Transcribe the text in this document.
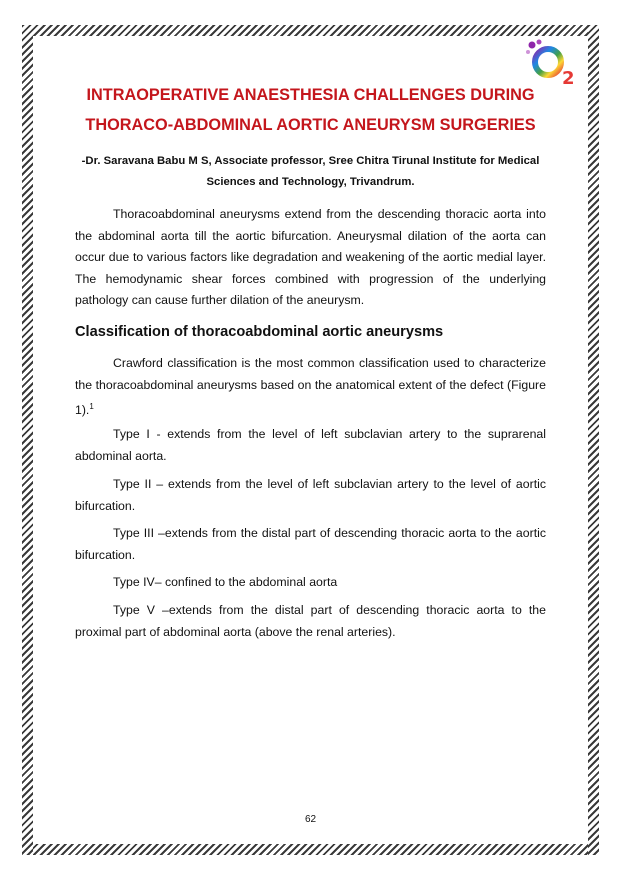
2
INTRAOPERATIVE ANAESTHESIA CHALLENGES DURING
THORACO-ABDOMINAL AORTIC ANEURYSM SURGERIES
-Dr. Saravana Babu M S, Associate professor, Sree Chitra Tirunal Institute for Medical
Sciences and Technology, Trivandrum.

Thoracoabdominal aneurysms extend from the descending thoracic aorta into the abdominal aorta till the aortic bifurcation. Aneurysmal dilation of the aorta can occur due to various factors like degradation and weakening of the aortic medial layer. The hemodynamic shear forces combined with progression of the underlying pathology can cause further dilation of the aneurysm.

Classification of thoracoabdominal aortic aneurysms

Crawford classification is the most common classification used to characterize the thoracoabdominal aneurysms based on the anatomical extent of the defect (Figure 1).$^1$

Type I - extends from the level of left subclavian artery to the suprarenal abdominal aorta.

Type II – extends from the level of left subclavian artery to the level of aortic bifurcation.

Type III –extends from the distal part of descending thoracic aorta to the aortic bifurcation.

Type IV– confined to the abdominal aorta

Type V –extends from the distal part of descending thoracic aorta to the proximal part of abdominal aorta (above the renal arteries).

62
